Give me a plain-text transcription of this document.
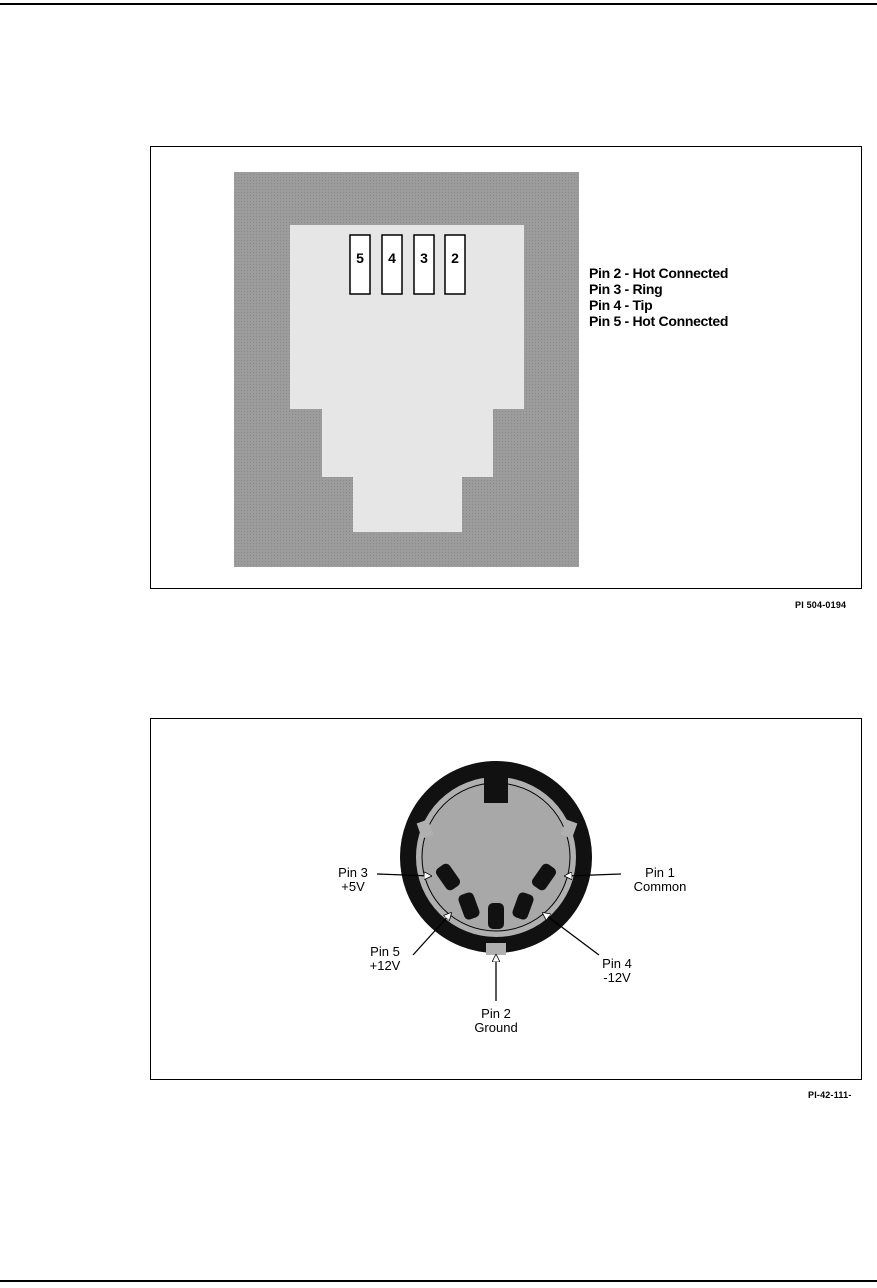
5 4 3 2
Pin 2 - Hot Connected
Pin 3 - Ring
Pin 4 - Tip
Pin 5 - Hot Connected
PI 504-0194
Pin 3
+5V
Pin 1
Common
Pin 5
+12V	Pin 4
-12V
Pin 2
Ground
PI-42-111-
